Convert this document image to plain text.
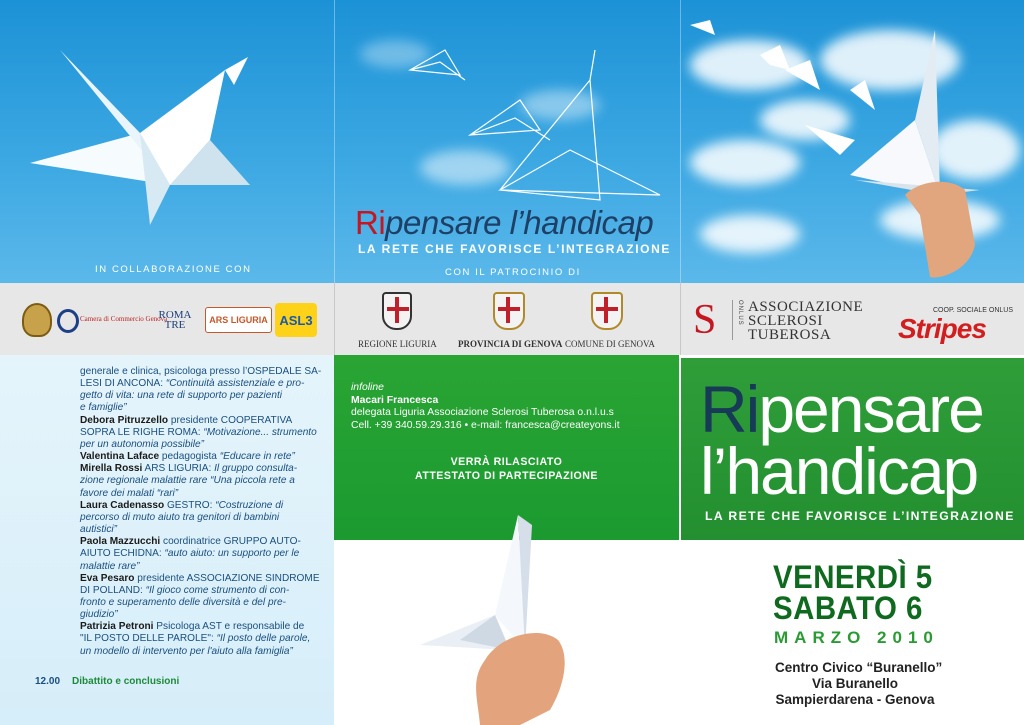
IN COLLABORAZIONE CON	CON IL PATROCINIO DI
Ripensare l’handicap
LA RETE CHE FAVORISCE L’INTEGRAZIONE
Camera di Commercio Genova
ROMA
TRE	ARS LIGURIA ASL3
REGIONE LIGURIA PROVINCIA DI GENOVA COMUNE DI GENOVA
S	ONLUS ASSOCIAZIONE
SCLEROSI
TUBEROSA
COOP. SOCIALE ONLUS
Stripes

generale e clinica, psicologa presso l’OSPEDALE SA-

LESI DI ANCONA: “Continuità assistenziale e pro-

getto di vita: una rete di supporto per pazienti

e famiglie”

Debora Pitruzzello presidente COOPERATIVA

SOPRA LE RIGHE ROMA: “Motivazione... strumento

per un autonomia possibile”

Valentina Laface pedagogista “Educare in rete”

Mirella Rossi ARS LIGURIA: Il gruppo consulta-

zione regionale malattie rare “Una piccola rete a

favore dei malati “rari”

Laura Cadenasso GESTRO: “Costruzione di

percorso di muto aiuto tra genitori di bambini

autistici”

Paola Mazzucchi coordinatrice GRUPPO AUTO-

AIUTO ECHIDNA: “auto aiuto: un supporto per le

malattie rare”

Eva Pesaro presidente ASSOCIAZIONE SINDROME

DI POLLAND: “Il gioco come strumento di con-

fronto e superamento delle diversità e del pre-

giudizio”

Patrizia Petroni Psicologa AST e responsabile de

"IL POSTO DELLE PAROLE": “Il posto delle parole,

un modello di intervento per l'aiuto alla famiglia”

12.00 Dibattito e conclusioni
infoline
Macari Francesca
delegata Liguria Associazione Sclerosi Tuberosa o.n.l.u.s
Cell. +39 340.59.29.316 • e-mail: francesca@createyons.it
VERRÀ RILASCIATO
ATTESTATO DI PARTECIPAZIONE
Ripensare
l’handicap
LA RETE CHE FAVORISCE L’INTEGRAZIONE
VENERDÌ 5
SABATO 6
MARZO 2010
Centro Civico “Buranello”
Via Buranello
Sampierdarena - Genova
